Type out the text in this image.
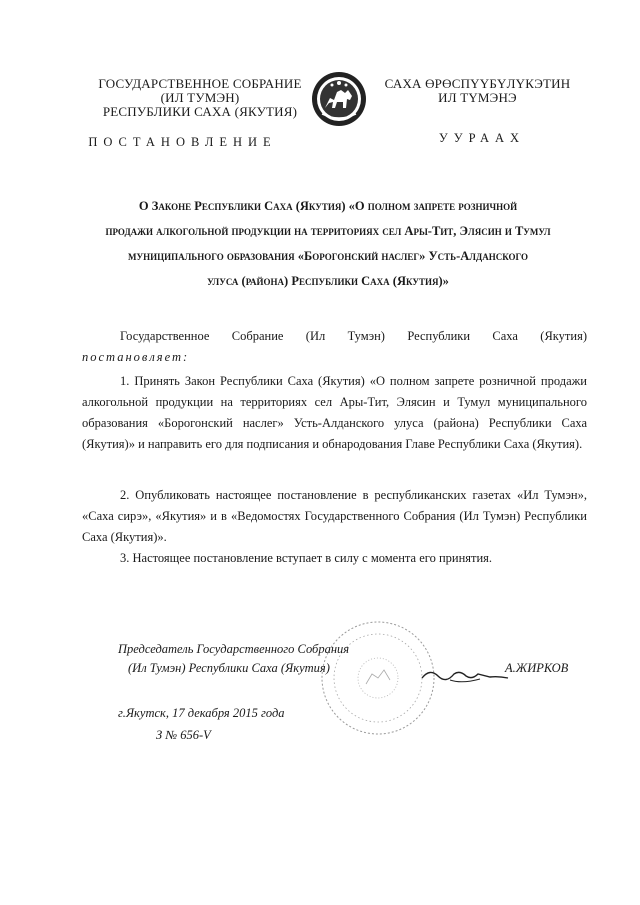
ГОСУДАРСТВЕННОЕ СОБРАНИЕ
(ИЛ ТУМЭН)
РЕСПУБЛИКИ САХА (ЯКУТИЯ)
САХА ӨРӨСПҮҮБҮЛҮКЭТИН
ИЛ ТҮМЭНЭ
ПОСТАНОВЛЕНИЕ	УУРААХ
О Законе Республики Саха (Якутия) «О полном запрете розничной
продажи алкогольной продукции на территориях сел Ары-Тит, Элясин и Тумул
муниципального образования «Борогонский наслег» Усть-Алданского
улуса (района) Республики Саха (Якутия)»
Государственное Собрание (Ил Тумэн) Республики Саха (Якутия)
постановляет:
1. Принять Закон Республики Саха (Якутия) «О полном запрете розничной продажи алкогольной продукции на территориях сел Ары-Тит, Элясин и Тумул муниципального образования «Борогонский наслег» Усть-Алданского улуса (района) Республики Саха (Якутия)» и направить его для подписания и обнародования Главе Республики Саха (Якутия).
2. Опубликовать настоящее постановление в республиканских газетах «Ил Тумэн», «Саха сирэ», «Якутия» и в «Ведомостях Государственного Собрания (Ил Тумэн) Республики Саха (Якутия)».
3. Настоящее постановление вступает в силу с момента его принятия.
Председатель Государственного Собрания
(Ил Тумэн) Республики Саха (Якутия)	А.ЖИРКОВ
г.Якутск, 17 декабря 2015 года
З № 656-V
